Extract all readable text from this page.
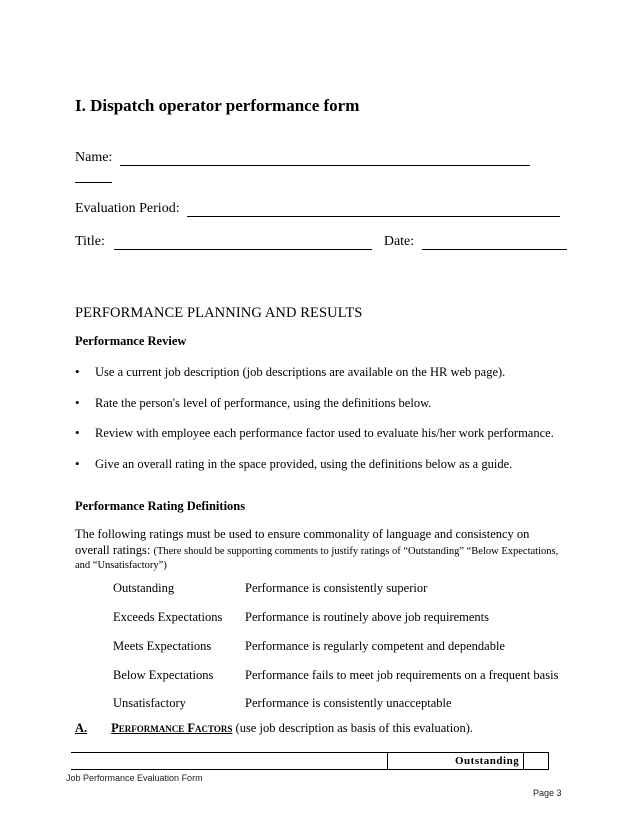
I. Dispatch operator performance form
Name:
Evaluation Period:
Title:	Date:
PERFORMANCE PLANNING AND RESULTS
Performance Review
• Use a current job description (job descriptions are available on the HR web page).
• Rate the person's level of performance, using the definitions below.
• Review with employee each performance factor used to evaluate his/her work performance.
• Give an overall rating in the space provided, using the definitions below as a guide.
Performance Rating Definitions
The following ratings must be used to ensure commonality of language and consistency on
overall ratings: (There should be supporting comments to justify ratings of “Outstanding” “Below Expectations,
and “Unsatisfactory”)
Outstanding	Performance is consistently superior
Exceeds Expectations Performance is routinely above job requirements
Meets Expectations	Performance is regularly competent and dependable
Below Expectations	Performance fails to meet job requirements on a frequent basis
Unsatisfactory	Performance is consistently unacceptable
A. Performance Factors (use job description as basis of this evaluation).
Outstanding
Job Performance Evaluation Form
Page 3
